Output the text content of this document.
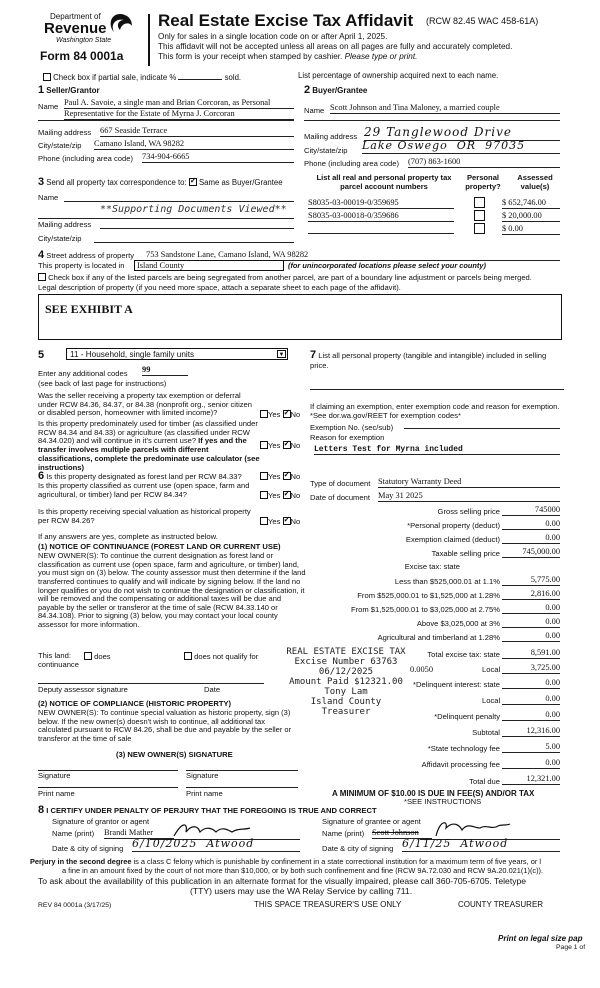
Department of
Revenue
Washington State
Form 84 0001a
Real Estate Excise Tax Affidavit (RCW 82.45 WAC 458-61A)
Only for sales in a single location code on or after April 1, 2025.
This affidavit will not be accepted unless all areas on all pages are fully and accurately completed.
This form is your receipt when stamped by cashier. Please type or print.
Check box if partial sale, indicate %	sold.	List percentage of ownership acquired next to each name.
1 Seller/Grantor
Name Paul A. Savoie, a single man and Brian Corcoran, as Personal
Representative for the Estate of Myrna J. Corcoran
Mailing address 667 Seaside Terrace
City/state/zip Camano Island, WA 98282
Phone (including area code) 734-904-6665
2 Buyer/Grantee
Name Scott Johnson and Tina Maloney, a married couple
Mailing address 29 Tanglewood Drive
City/state/zip Lake Oswego  OR  97035
Phone (including area code) (707) 863-1600
3 Send all property tax correspondence to: ✓ Same as Buyer/Grantee
Name
**Supporting Documents Viewed**
Mailing address
City/state/zip
List all real and personal property tax parcel account numbers
Personal property?
Assessed value(s)
S8035-03-00019-0/359695	$ 652,746.00
S8035-03-00018-0/359686	$ 20,000.00
$ 0.00
4 Street address of property 753 Sandstone Lane, Camano Island, WA 98282
This property is located in	Island County	(for unincorporated locations please select your county)
Check box if any of the listed parcels are being segregated from another parcel, are part of a boundary line adjustment or parcels being merged.
Legal description of property (if you need more space, attach a separate sheet to each page of the affidavit).
SEE EXHIBIT A
5	11 - Household, single family units	▼
Enter any additional codes 99
(see back of last page for instructions)
Was the seller receiving a property tax exemption or deferral under RCW 84.36, 84.37, or 84.38 (nonprofit org., senior citizen or disabled person, homeowner with limited income)?	Yes ✓ No
Is this property predominately used for timber (as classified under RCW 84.34 and 84.33) or agriculture (as classified under RCW 84.34.020) and will continue in it's current use? If yes and the transfer involves multiple parcels with different classifications, complete the predominate use calculator (see instructions)
Yes ✓ No
7 List all personal property (tangible and intangible) included in selling price.
If claiming an exemption, enter exemption code and reason for exemption. *See dor.wa.gov/REET for exemption codes*
Exemption No. (sec/sub)
Reason for exemption
Letters Test for Myrna included
6 Is this property designated as forest land per RCW 84.33?	Yes ✓ No
Is this property classified as current use (open space, farm and agricultural, or timber) land per RCW 84.34?	Yes ✓ No
Is this property receiving special valuation as historical property per RCW 84.26?	Yes ✓ No
If any answers are yes, complete as instructed below.
(1) NOTICE OF CONTINUANCE (FOREST LAND OR CURRENT USE)
NEW OWNER(S): To continue the current designation as forest land or classification as current use (open space, farm and agriculture, or timber) land, you must sign on (3) below. The county assessor must then determine if the land transferred continues to qualify and will indicate by signing below. If the land no longer qualifies or you do not wish to continue the designation or classification, it will be removed and the compensating or additional taxes will be due and payable by the seller or transferor at the time of sale (RCW 84.33.140 or 84.34.108). Prior to signing (3) below, you may contact your local county assessor for more information.
This land:
continuance
does	does not qualify for
Deputy assessor signature	Date
(2) NOTICE OF COMPLIANCE (HISTORIC PROPERTY)
NEW OWNER(S): To continue special valuation as historic property, sign (3) below. If the new owner(s) doesn't wish to continue, all additional tax calculated pursuant to RCW 84.26, shall be due and payable by the seller or transferor at the time of sale
(3) NEW OWNER(S) SIGNATURE
Signature	Signature
Print name	Print name
REAL ESTATE EXCISE TAX
Excise Number 63763
06/12/2025
Amount Paid $12321.00
Tony Lam
Island County Treasurer
Type of document Statutory Warranty Deed
Date of document May 31 2025
Gross selling price	745000
*Personal property (deduct)	0.00
Exemption claimed (deduct)	0.00
Taxable selling price	745,000.00
Excise tax: state
Less than $525,000.01 at 1.1%	5,775.00
From $525,000.01 to $1,525,000 at 1.28%	2,816.00
From $1,525,000.01 to $3,025,000 at 2.75%	0.00
Above $3,025,000 at 3%	0.00
Agricultural and timberland at 1.28%	0.00
Total excise tax: state	8,591.00
0.0050	Local	3,725.00
*Delinquent interest: state	0.00
Local	0.00
*Delinquent penalty	0.00
Subtotal	12,316.00
*State technology fee	5.00
Affidavit processing fee	0.00
Total due	12,321.00
A MINIMUM OF $10.00 IS DUE IN FEE(S) AND/OR TAX
*SEE INSTRUCTIONS
8 I CERTIFY UNDER PENALTY OF PERJURY THAT THE FOREGOING IS TRUE AND CORRECT
Signature of grantor or agent
Name (print) Brandi Mather
Date & city of signing 6/10/2025  Atwood
Signature of grantee or agent
Name (print) Scott Johnson
Date & city of signing 6/11/25  Atwood
Perjury in the second degree is a class C felony which is punishable by confinement in a state correctional institution for a maximum term of five years, or l
a fine in an amount fixed by the court of not more than $10,000, or by both such confinement and fine (RCW 9A.72.030 and RCW 9A.20.021(1)(c)).
To ask about the availability of this publication in an alternate format for the visually impaired, please call 360-705-6705. Teletype
(TTY) users may use the WA Relay Service by calling 711.
REV 84 0001a (3/17/25)	THIS SPACE TREASURER'S USE ONLY	COUNTY TREASURER
Print on legal size pap
Page 1 of
